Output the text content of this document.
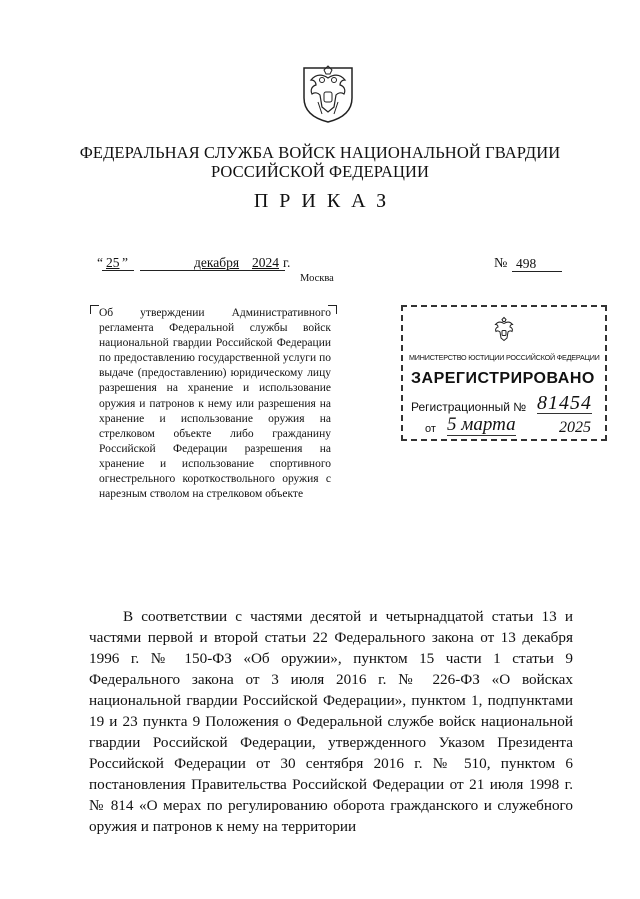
ФЕДЕРАЛЬНАЯ СЛУЖБА ВОЙСК НАЦИОНАЛЬНОЙ ГВАРДИИ
РОССИЙСКОЙ ФЕДЕРАЦИИ
ПРИКАЗ
“ 25 ”	декабря 2024 г.	№ 498
Москва
Об утверждении Административного регламента Федеральной службы войск национальной гвардии Российской Федерации по предоставлению государственной услуги по выдаче (предоставлению) юридическому лицу разрешения на хранение и использование оружия и патронов к нему или разрешения на хранение и использование оружия на стрелковом объекте либо гражданину Российской Федерации разрешения на хранение и использование спортивного огнестрельного короткоствольного оружия с нарезным стволом на стрелковом объекте
МИНИСТЕРСТВО ЮСТИЦИИ РОССИЙСКОЙ ФЕДЕРАЦИИ
ЗАРЕГИСТРИРОВАНО
Регистрационный № 81454
от 5 марта	2025
В соответствии с частями десятой и четырнадцатой статьи 13 и частями первой и второй статьи 22 Федерального закона от 13 декабря 1996 г. № 150-ФЗ «Об оружии», пунктом 15 части 1 статьи 9 Федерального закона от 3 июля 2016 г. № 226-ФЗ «О войсках национальной гвардии Российской Федерации», пунктом 1, подпунктами 19 и 23 пункта 9 Положения о Федеральной службе войск национальной гвардии Российской Федерации, утвержденного Указом Президента Российской Федерации от 30 сентября 2016 г. № 510, пунктом 6 постановления Правительства Российской Федерации от 21 июля 1998 г. № 814 «О мерах по регулированию оборота гражданского и служебного оружия и патронов к нему на территории
